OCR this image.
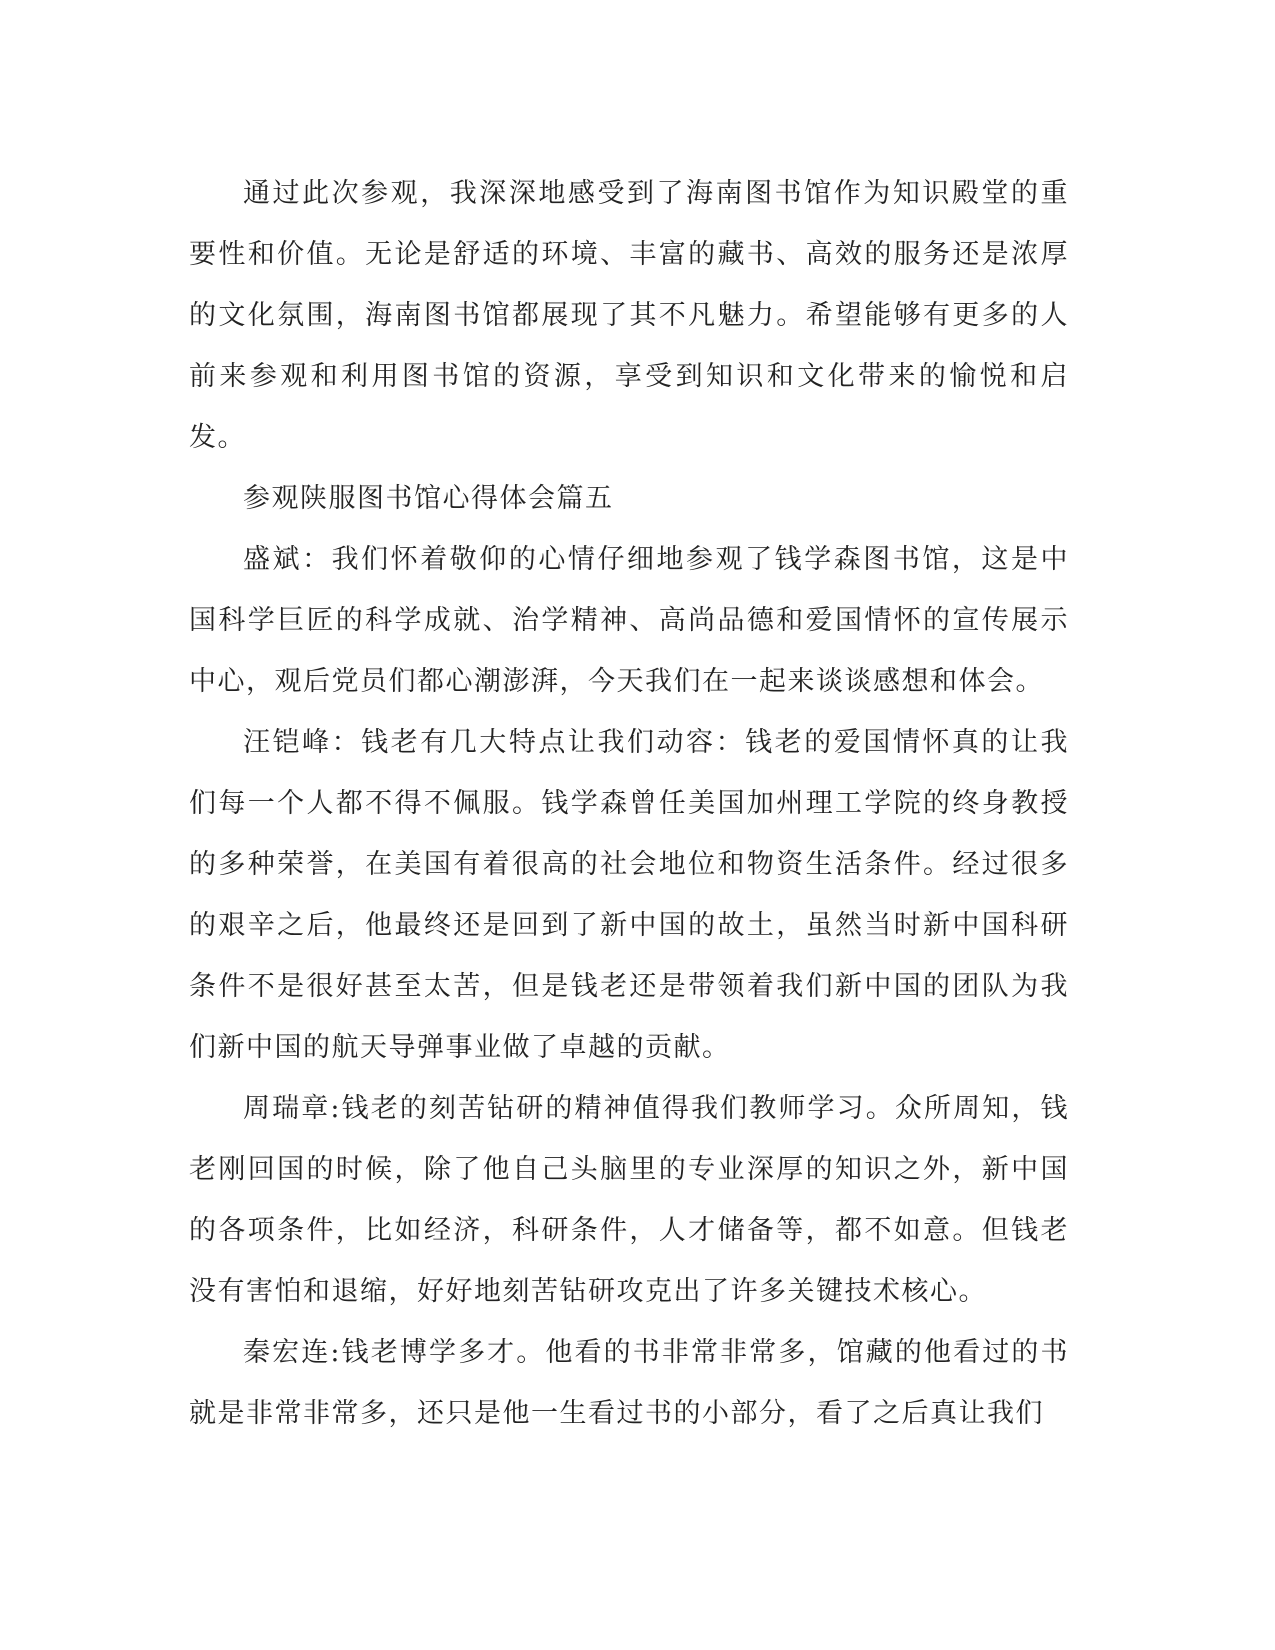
通过此次参观，我深深地感受到了海南图书馆作为知识殿堂的重要性和价值。无论是舒适的环境、丰富的藏书、高效的服务还是浓厚的文化氛围，海南图书馆都展现了其不凡魅力。希望能够有更多的人前来参观和利用图书馆的资源，享受到知识和文化带来的愉悦和启发。

参观陕服图书馆心得体会篇五

盛斌：我们怀着敬仰的心情仔细地参观了钱学森图书馆，这是中国科学巨匠的科学成就、治学精神、高尚品德和爱国情怀的宣传展示中心，观后党员们都心潮澎湃，今天我们在一起来谈谈感想和体会。

汪铠峰：钱老有几大特点让我们动容：钱老的爱国情怀真的让我们每一个人都不得不佩服。钱学森曾任美国加州理工学院的终身教授的多种荣誉，在美国有着很高的社会地位和物资生活条件。经过很多的艰辛之后，他最终还是回到了新中国的故土，虽然当时新中国科研条件不是很好甚至太苦，但是钱老还是带领着我们新中国的团队为我们新中国的航天导弹事业做了卓越的贡献。

周瑞章:钱老的刻苦钻研的精神值得我们教师学习。众所周知，钱老刚回国的时候，除了他自己头脑里的专业深厚的知识之外，新中国的各项条件，比如经济，科研条件，人才储备等，都不如意。但钱老没有害怕和退缩，好好地刻苦钻研攻克出了许多关键技术核心。

秦宏连:钱老博学多才。他看的书非常非常多，馆藏的他看过的书就是非常非常多，还只是他一生看过书的小部分，看了之后真让我们
